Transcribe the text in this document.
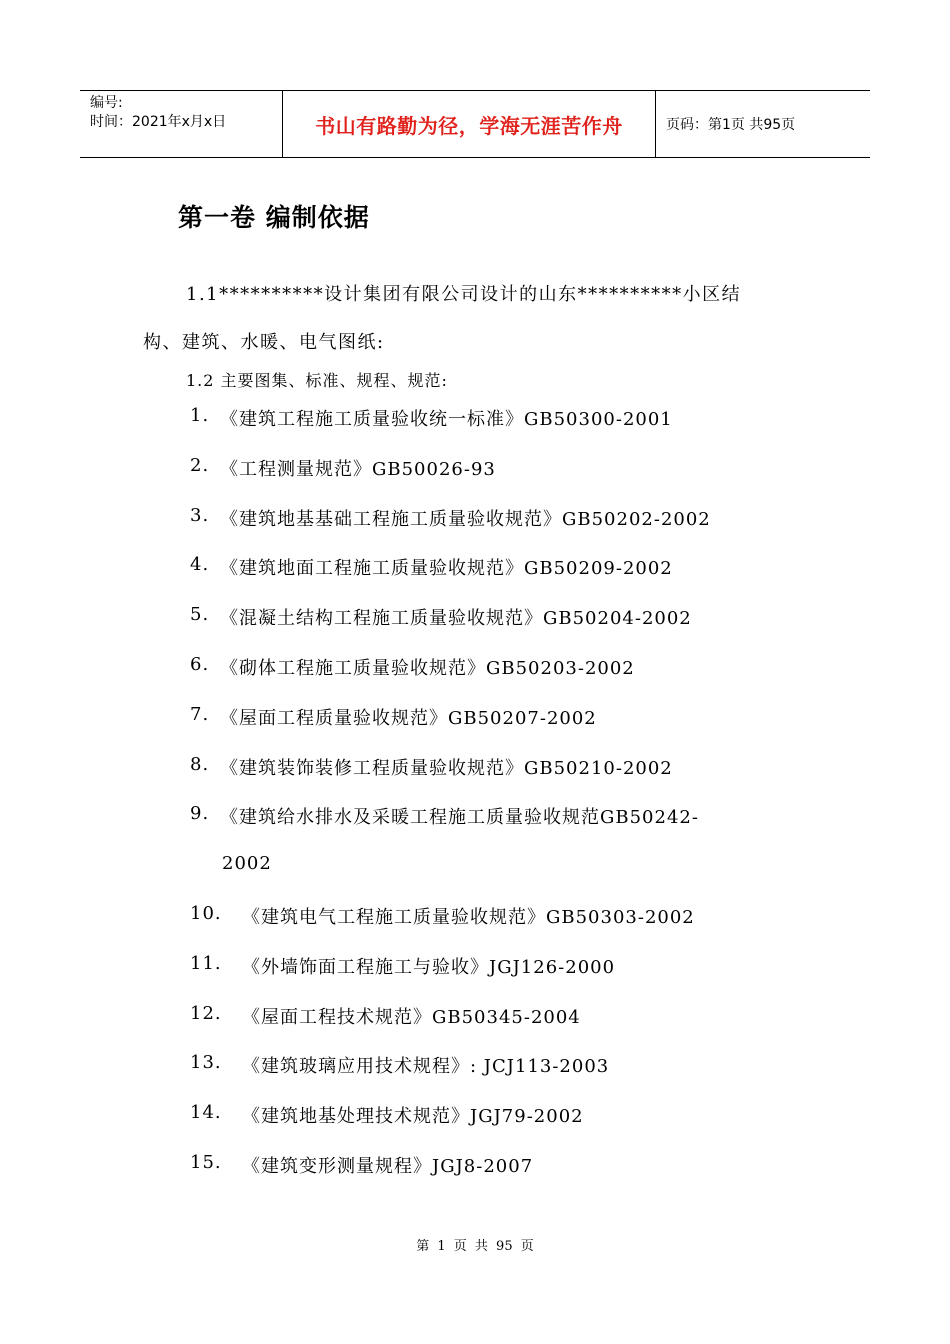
编号:
时间：2021年x月x日	书山有路勤为径，学海无涯苦作舟	页码：第1页 共95页
第一卷 编制依据
1.1**********设计集团有限公司设计的山东**********小区结
构、建筑、水暖、电气图纸:
1.2 主要图集、标准、规程、规范:
1. 《建筑工程施工质量验收统一标准》GB50300-2001
2. 《工程测量规范》GB50026-93
3. 《建筑地基基础工程施工质量验收规范》GB50202-2002
4. 《建筑地面工程施工质量验收规范》GB50209-2002
5. 《混凝土结构工程施工质量验收规范》GB50204-2002
6. 《砌体工程施工质量验收规范》GB50203-2002
7. 《屋面工程质量验收规范》GB50207-2002
8. 《建筑装饰装修工程质量验收规范》GB50210-2002
9. 《建筑给水排水及采暖工程施工质量验收规范GB50242-
2002
10. 《建筑电气工程施工质量验收规范》GB50303-2002
11. 《外墙饰面工程施工与验收》JGJ126-2000
12. 《屋面工程技术规范》GB50345-2004
13. 《建筑玻璃应用技术规程》: JCJ113-2003
14. 《建筑地基处理技术规范》JGJ79-2002
15. 《建筑变形测量规程》JGJ8-2007
第 1 页 共 95 页
